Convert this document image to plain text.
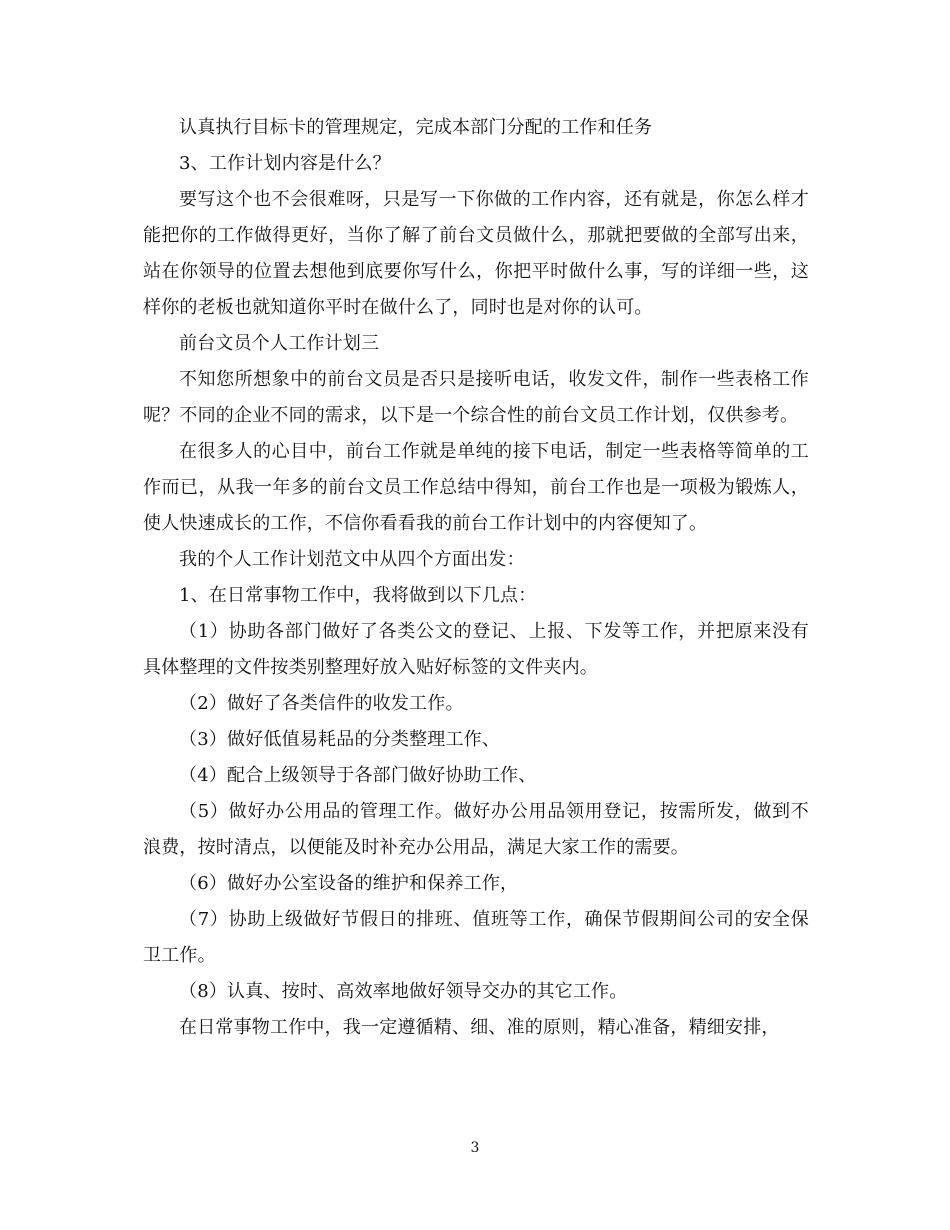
认真执行目标卡的管理规定，完成本部门分配的工作和任务

3、工作计划内容是什么？

要写这个也不会很难呀，只是写一下你做的工作内容，还有就是，你怎么样才能把你的工作做得更好，当你了解了前台文员做什么，那就把要做的全部写出来，站在你领导的位置去想他到底要你写什么，你把平时做什么事，写的详细一些，这样你的老板也就知道你平时在做什么了，同时也是对你的认可。

前台文员个人工作计划三

不知您所想象中的前台文员是否只是接听电话，收发文件，制作一些表格工作呢？不同的企业不同的需求，以下是一个综合性的前台文员工作计划，仅供参考。

在很多人的心目中，前台工作就是单纯的接下电话，制定一些表格等简单的工作而已，从我一年多的前台文员工作总结中得知，前台工作也是一项极为锻炼人，使人快速成长的工作，不信你看看我的前台工作计划中的内容便知了。

我的个人工作计划范文中从四个方面出发：

1、在日常事物工作中，我将做到以下几点：

（1）协助各部门做好了各类公文的登记、上报、下发等工作，并把原来没有具体整理的文件按类别整理好放入贴好标签的文件夹内。

（2）做好了各类信件的收发工作。

（3）做好低值易耗品的分类整理工作、

（4）配合上级领导于各部门做好协助工作、

（5）做好办公用品的管理工作。做好办公用品领用登记，按需所发，做到不浪费，按时清点，以便能及时补充办公用品，满足大家工作的需要。

（6）做好办公室设备的维护和保养工作，

（7）协助上级做好节假日的排班、值班等工作，确保节假期间公司的安全保卫工作。

（8）认真、按时、高效率地做好领导交办的其它工作。

在日常事物工作中，我一定遵循精、细、准的原则，精心准备，精细安排，

3
